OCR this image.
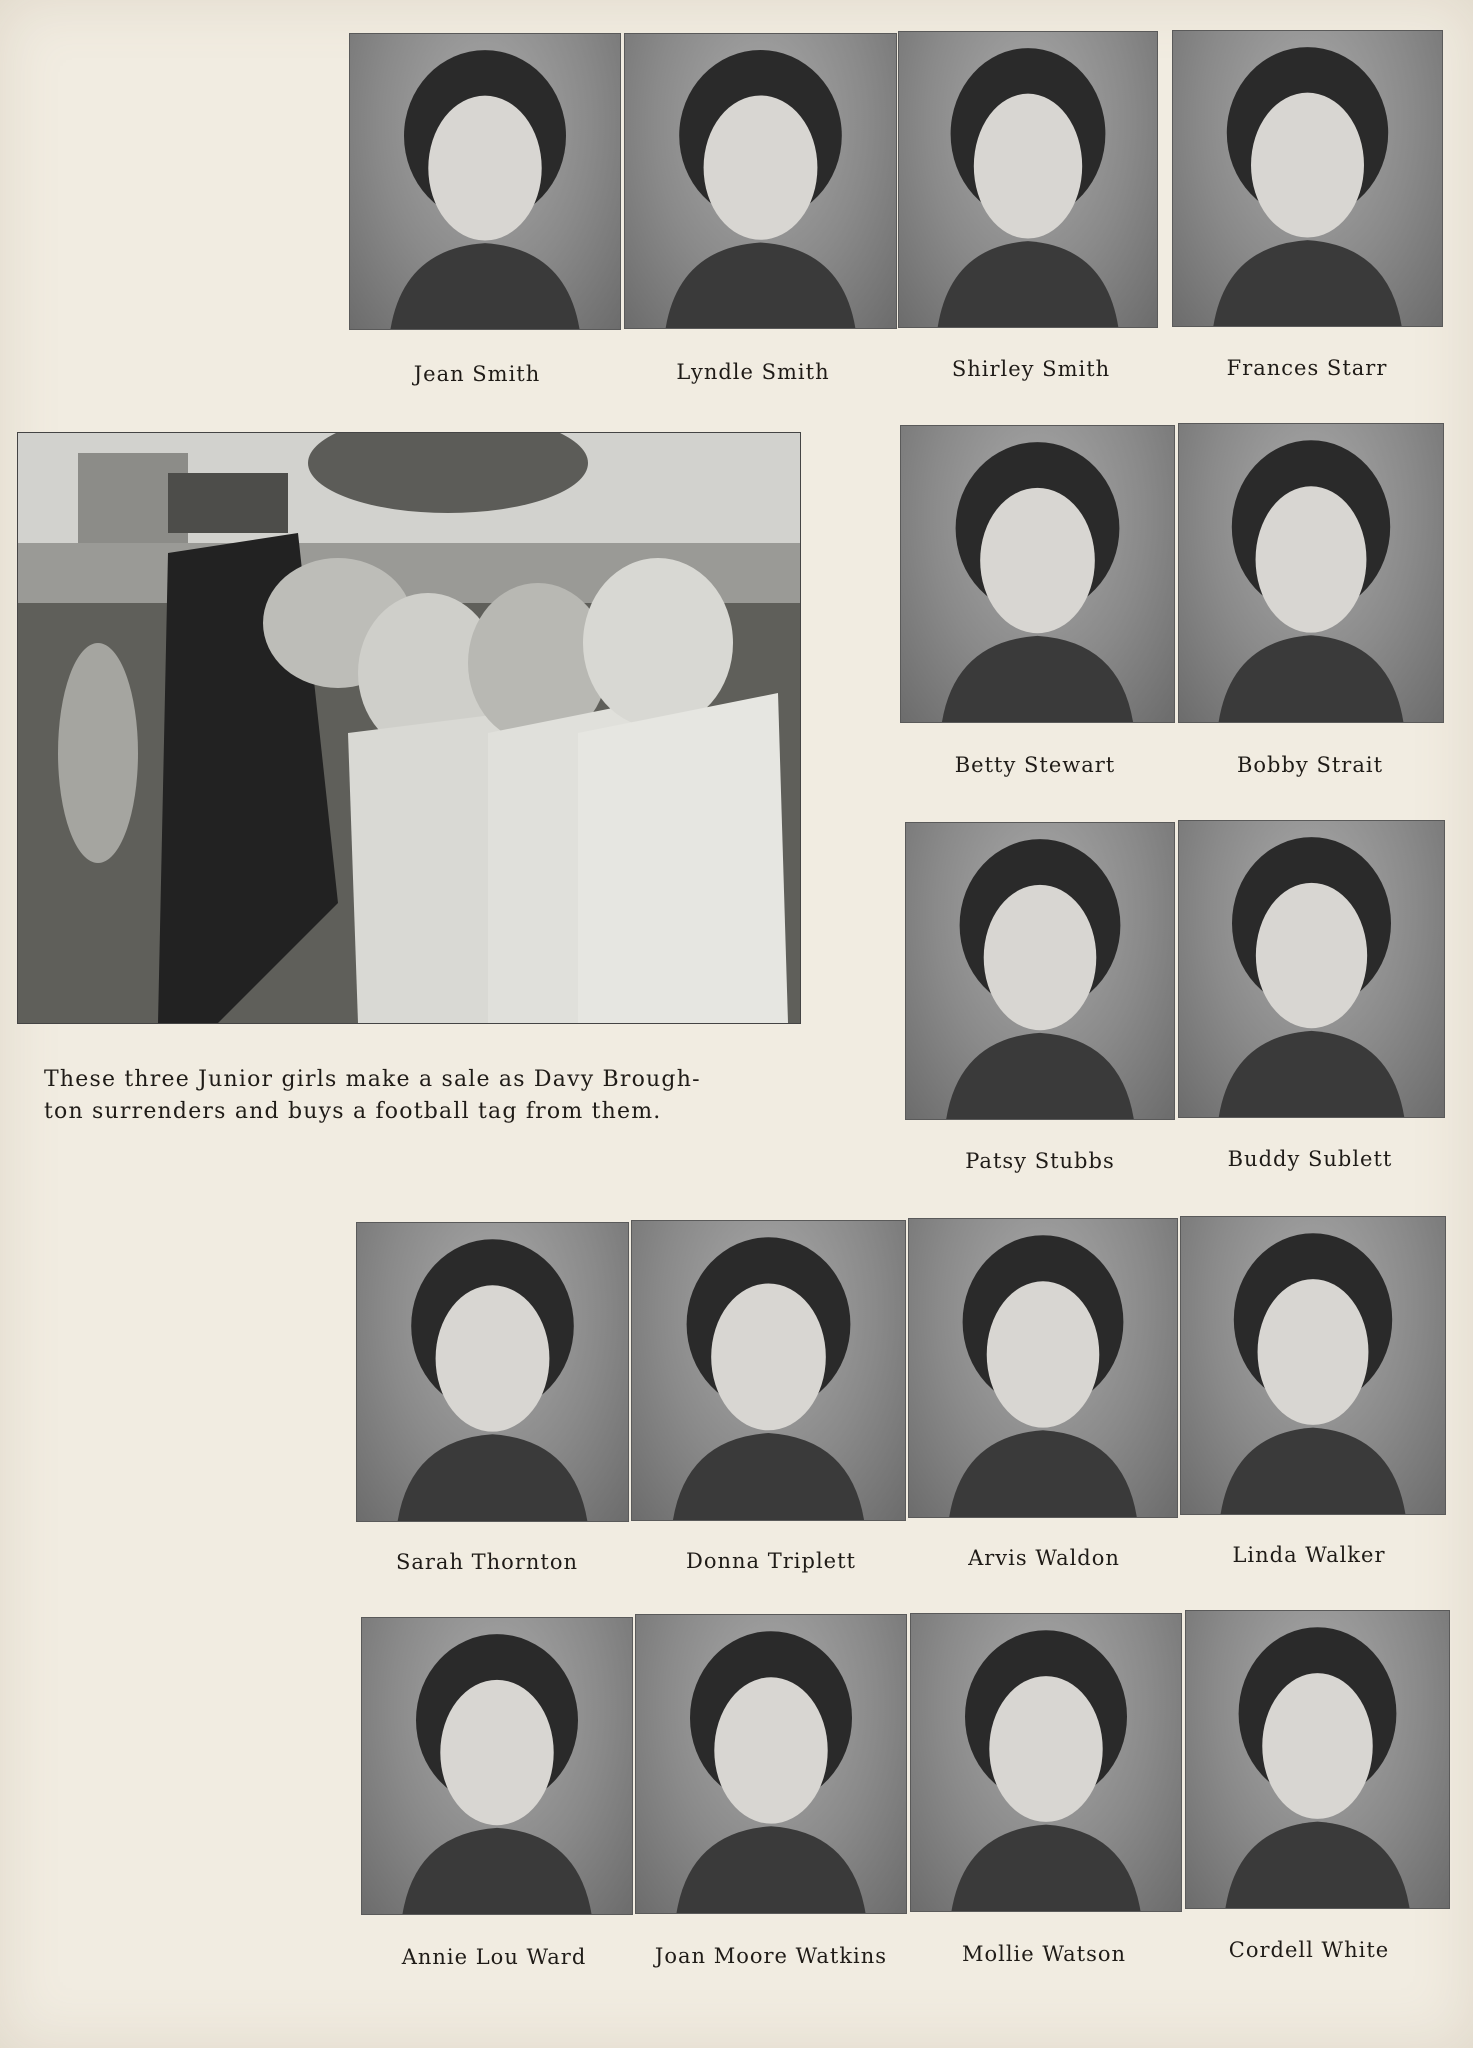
Jean Smith	Lyndle Smith	Shirley Smith	Frances Starr
These three Junior girls make a sale as Davy Brough-
ton surrenders and buys a football tag from them.
Betty Stewart	Bobby Strait
Patsy Stubbs	Buddy Sublett
Sarah Thornton	Donna Triplett	Arvis Waldon	Linda Walker
Annie Lou Ward	Joan Moore Watkins	Mollie Watson	Cordell White
